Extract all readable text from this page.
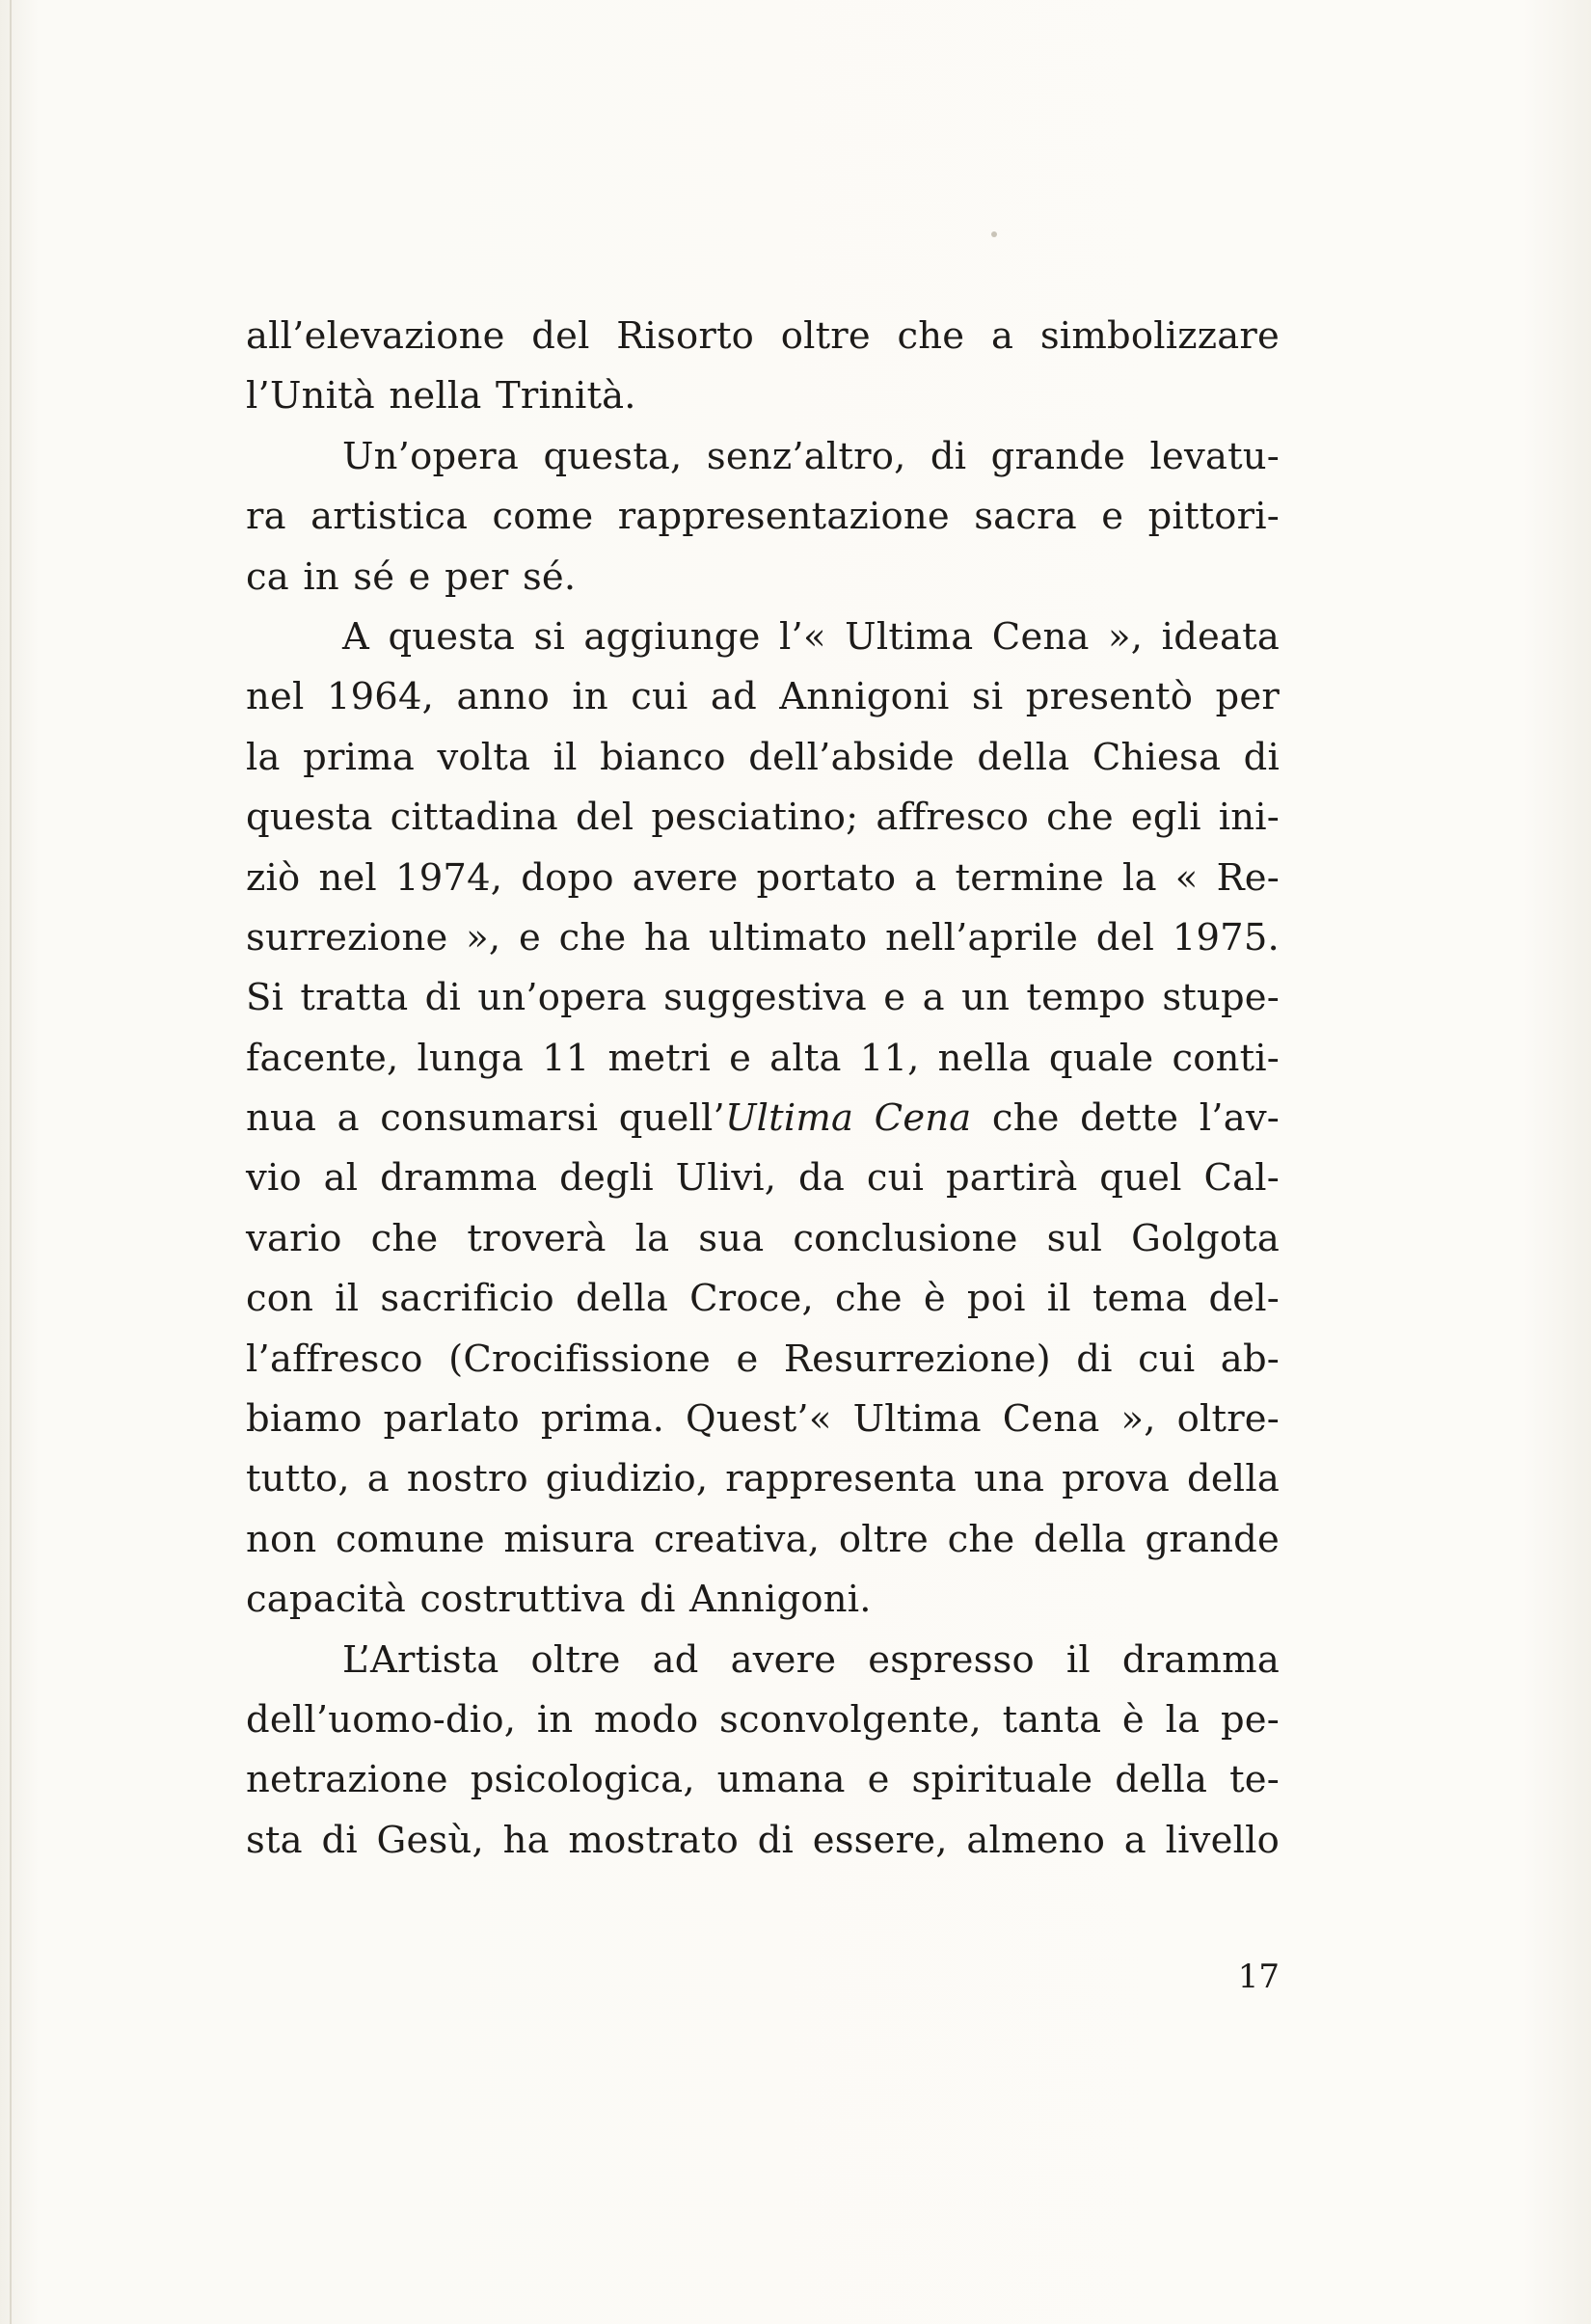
all’elevazione del Risorto oltre che a simbolizzare
l’Unità nella Trinità.
Un’opera questa, senz’altro, di grande levatu-
ra artistica come rappresentazione sacra e pittori-
ca in sé e per sé.
A questa si aggiunge l’« Ultima Cena », ideata
nel 1964, anno in cui ad Annigoni si presentò per
la prima volta il bianco dell’abside della Chiesa di
questa cittadina del pesciatino; affresco che egli ini-
ziò nel 1974, dopo avere portato a termine la « Re-
surrezione », e che ha ultimato nell’aprile del 1975.
Si tratta di un’opera suggestiva e a un tempo stupe-
facente, lunga 11 metri e alta 11, nella quale conti-
nua a consumarsi quell’Ultima Cena che dette l’av-
vio al dramma degli Ulivi, da cui partirà quel Cal-
vario che troverà la sua conclusione sul Golgota
con il sacrificio della Croce, che è poi il tema del-
l’affresco (Crocifissione e Resurrezione) di cui ab-
biamo parlato prima. Quest’« Ultima Cena », oltre-
tutto, a nostro giudizio, rappresenta una prova della
non comune misura creativa, oltre che della grande
capacità costruttiva di Annigoni.
L’Artista oltre ad avere espresso il dramma
dell’uomo-dio, in modo sconvolgente, tanta è la pe-
netrazione psicologica, umana e spirituale della te-
sta di Gesù, ha mostrato di essere, almeno a livello
17
